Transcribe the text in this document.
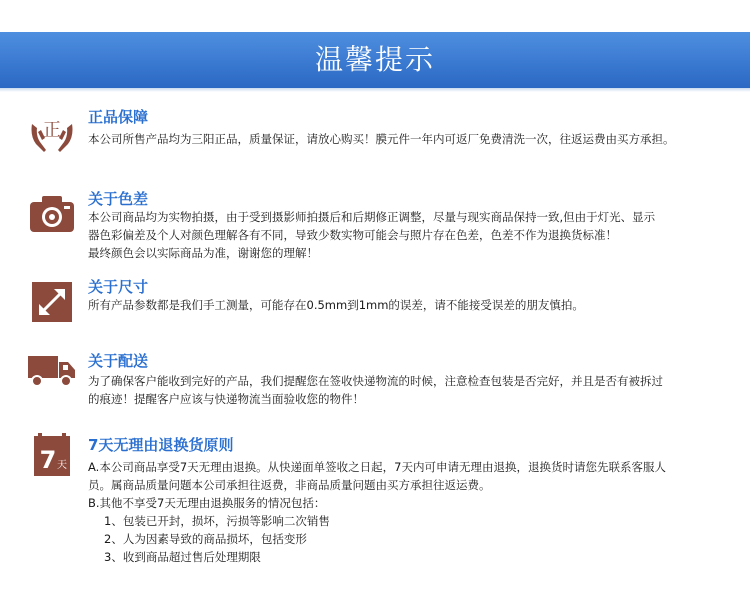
温馨提示
正
正品保障
本公司所售产品均为三阳正品，质量保证，请放心购买！膜元件一年内可返厂免费清洗一次，往返运费由买方承担。
关于色差
本公司商品均为实物拍摄，由于受到摄影师拍摄后和后期修正调整，尽量与现实商品保持一致,但由于灯光、显示
器色彩偏差及个人对颜色理解各有不同，导致少数实物可能会与照片存在色差，色差不作为退换货标准！
最终颜色会以实际商品为准，谢谢您的理解！
关于尺寸
所有产品参数都是我们手工测量，可能存在0.5mm到1mm的误差，请不能接受误差的朋友慎拍。
关于配送
为了确保客户能收到完好的产品，我们提醒您在签收快递物流的时候，注意检查包装是否完好，并且是否有被拆过
的痕迹！提醒客户应该与快递物流当面验收您的物件！
7 天
7天无理由退换货原则
A.本公司商品享受7天无理由退换。从快递面单签收之日起，7天内可申请无理由退换，退换货时请您先联系客服人
员。属商品质量问题本公司承担往返费，非商品质量问题由买方承担往返运费。
B.其他不享受7天无理由退换服务的情况包括：
1、包装已开封，损坏，污损等影响二次销售
2、人为因素导致的商品损坏，包括变形
3、收到商品超过售后处理期限
